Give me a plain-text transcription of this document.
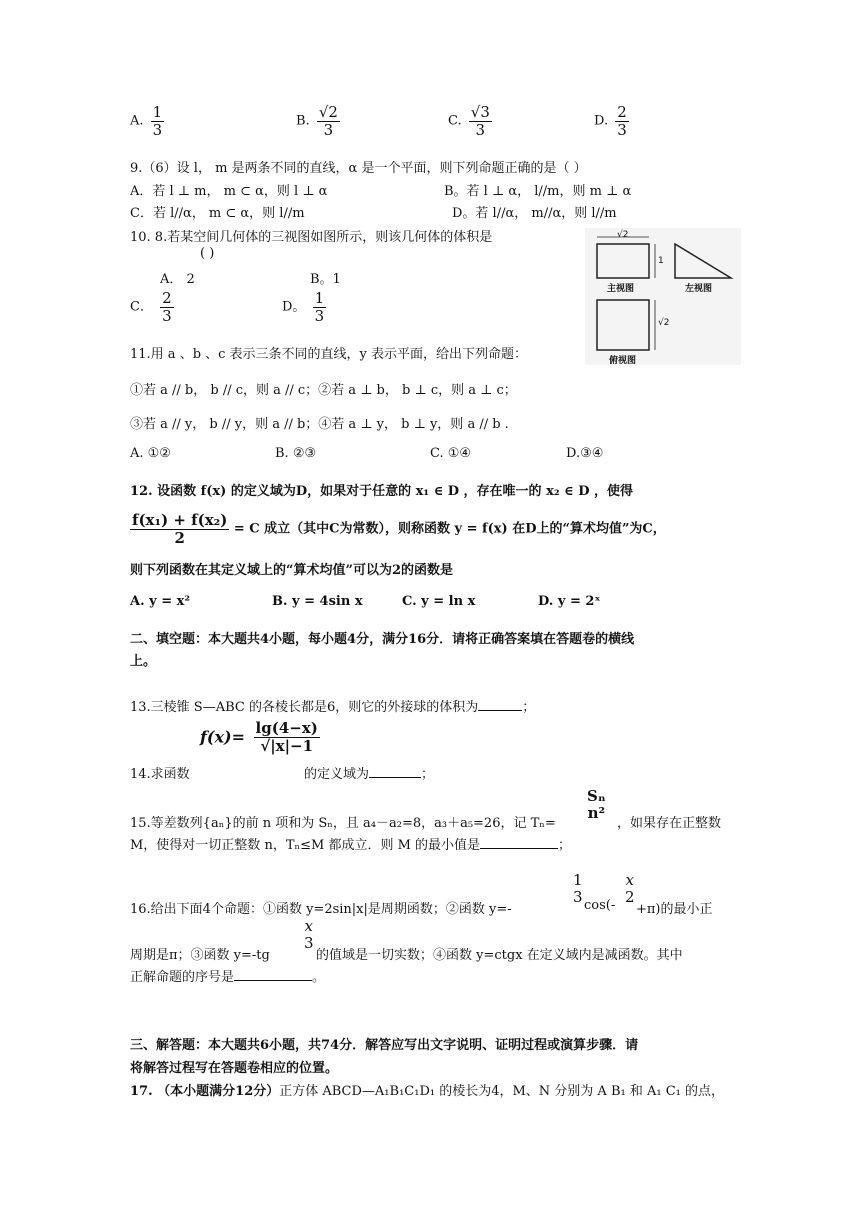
A. $\frac{1}{3}$	B. $\frac{√2}{3}$	C. $\frac{√3}{3}$	D. $\frac{2}{3}$
9.（6）设 l， m 是两条不同的直线，α 是一个平面，则下列命题正确的是（ ）
A．若 l ⊥ m， m ⊂ α，则 l ⊥ α	B。若 l ⊥ α， l//m，则 m ⊥ α
C．若 l//α， m ⊂ α，则 l//m	D。若 l//α， m//α，则 l//m
10. 8.若某空间几何体的三视图如图所示，则该几何体的体积是
( )
A． 2	B。1
C． $\frac{2}{3}$	D。 $\frac{1}{3}$
√2
1
主视图	左视图
√2
俯视图
11.用 a 、b 、c 表示三条不同的直线，y 表示平面，给出下列命题：
①若 a // b， b // c，则 a // c；②若 a ⊥ b， b ⊥ c，则 a ⊥ c；
③若 a // y， b // y，则 a // b；④若 a ⊥ y， b ⊥ y，则 a // b .
A. ①②	B. ②③	C. ①④	D.③④
12. 设函数 f(x) 的定义域为D，如果对于任意的 x₁ ∈ D ，存在唯一的 x₂ ∈ D ，使得
$\frac{\text{f(x₁) + f(x₂)}}{2} = C$ 成立（其中C为常数），则称函数 y = f(x) 在D上的“算术均值”为C，
则下列函数在其定义域上的“算术均值”可以为2的函数是
A. y = x²	B. y = 4sin x	C. y = ln x	D. y = 2ˣ
二、填空题：本大题共4小题，每小题4分，满分16分．请将正确答案填在答题卷的横线
上。
13.三棱锥 S—ABC 的各棱长都是6，则它的外接球的体积为	；
14.求函数
$f(x)= \frac{\lg(4-x)}{√|x|-1}$
的定义域为	；
15.等差数列{aₙ}的前 n 项和为 Sₙ，且 a₄－a₂=8，a₃＋a₅=26，记 Tₙ=
Sₙ
n²
，如果存在正整数
M，使得对一切正整数 n，Tₙ≤M 都成立．则 M 的最小值是	；
16.给出下面4个命题：①函数 y=2sin|x|是周期函数；②函数 y=-
1
3 cos(-
x
2
+π)的最小正
周期是π；③函数 y=-tg
x
3
的值域是一切实数；④函数 y=ctgx 在定义域内是减函数。其中
正解命题的序号是	。
三、解答题：本大题共6小题，共74分．解答应写出文字说明、证明过程或演算步骤．请
将解答过程写在答题卷相应的位置。
17. （本小题满分12分）正方体 ABCD—A₁B₁C₁D₁ 的棱长为4，M、N 分别为 A B₁ 和 A₁ C₁ 的点，
